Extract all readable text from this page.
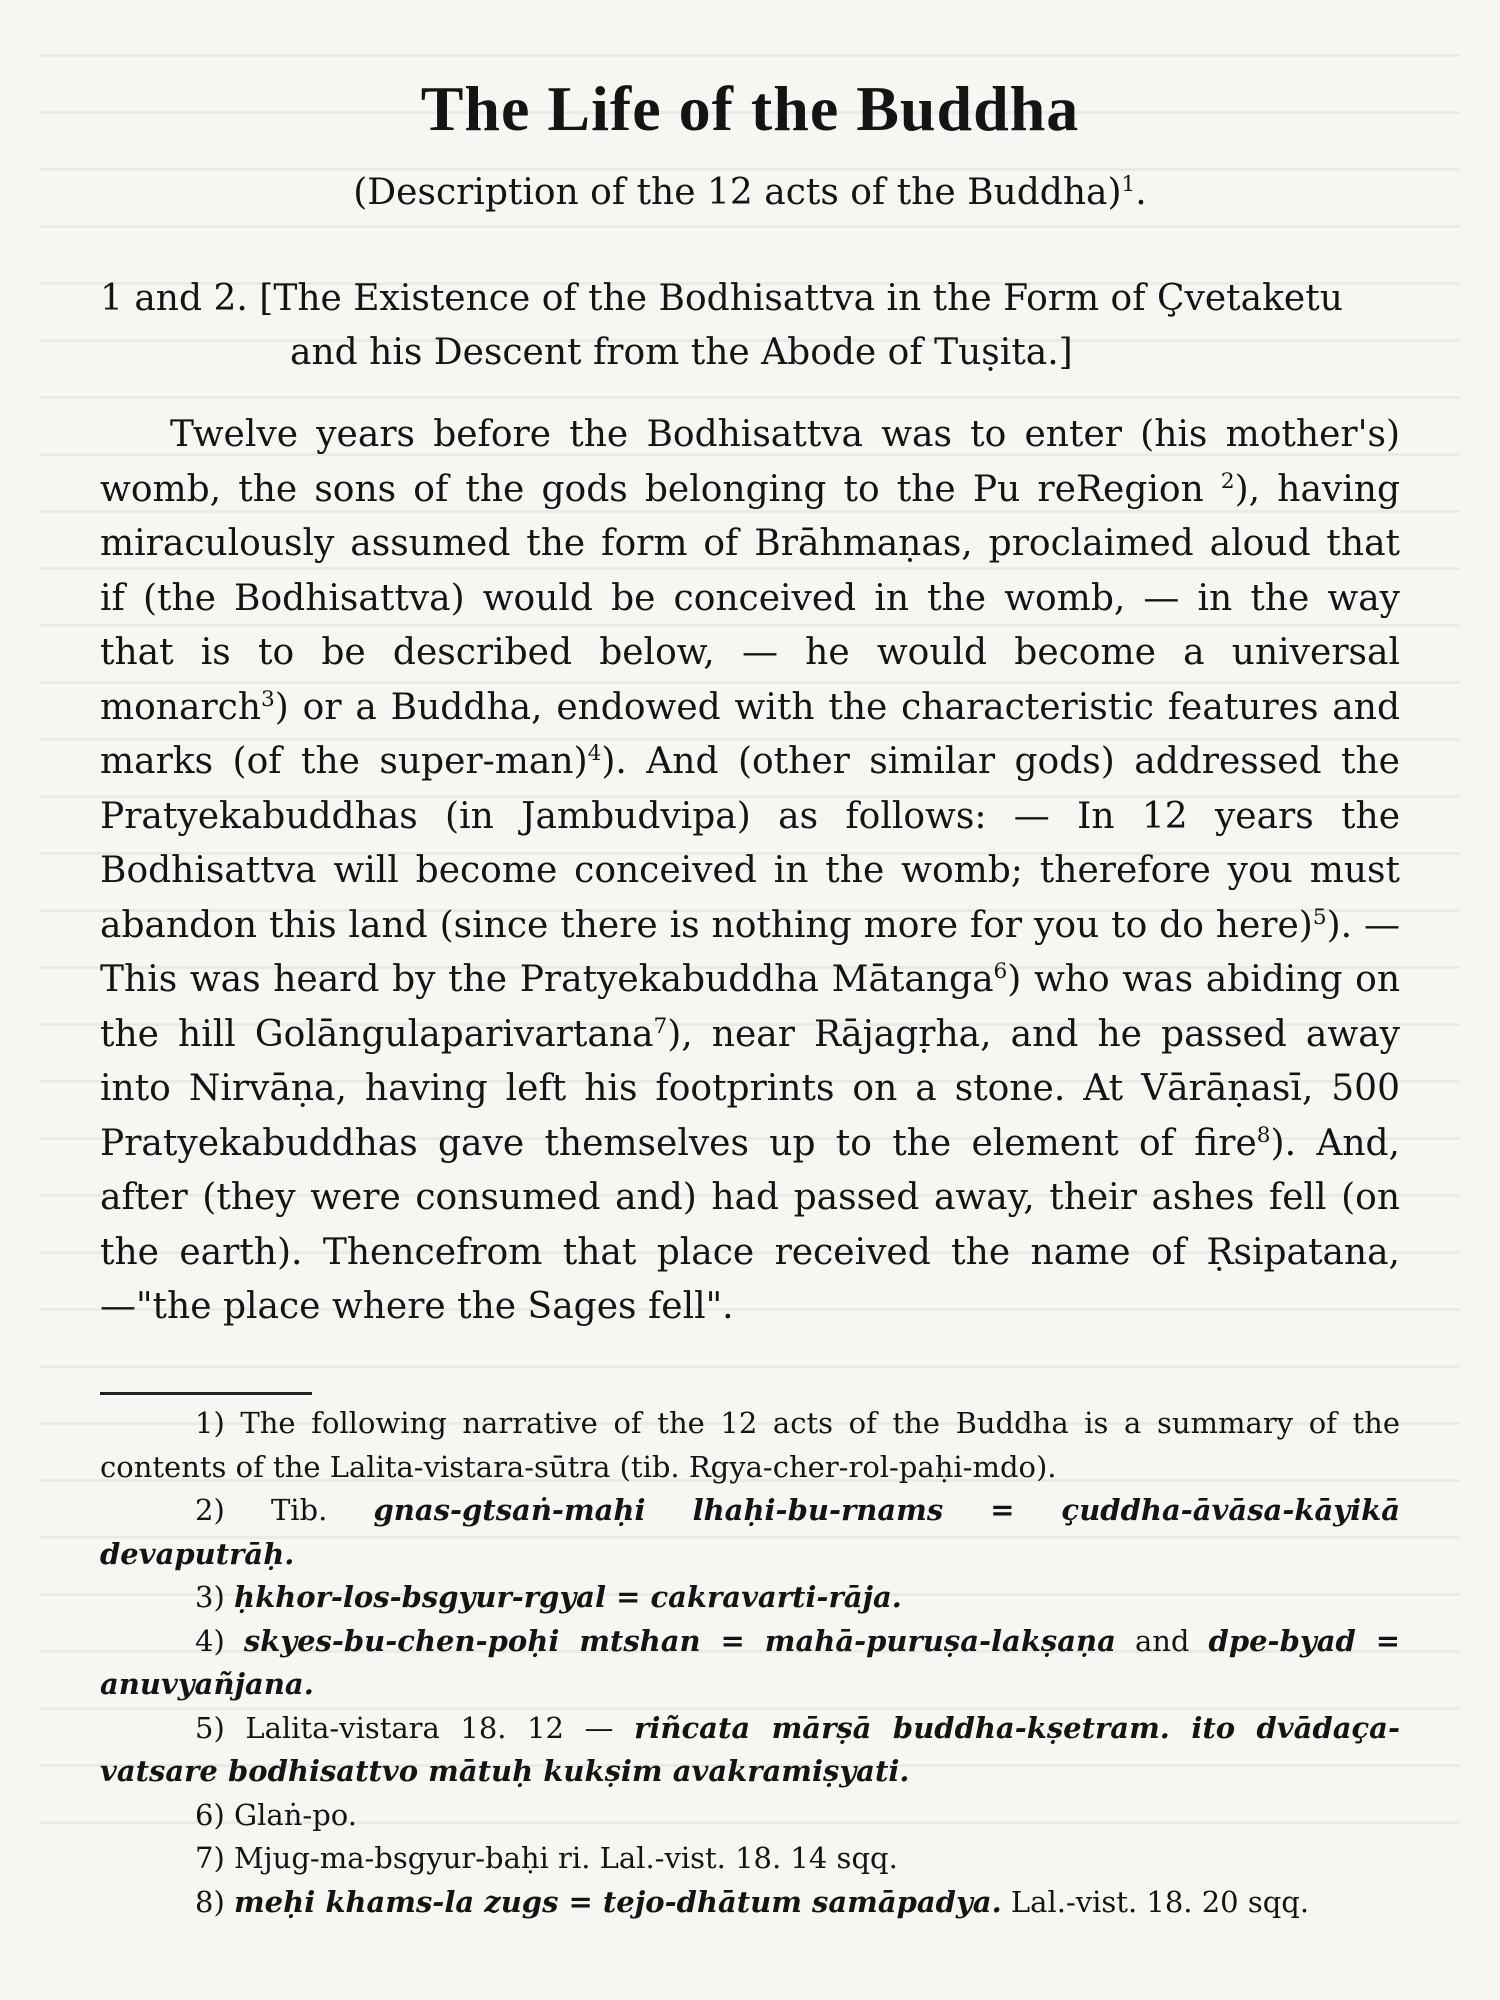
The Life of the Buddha
(Description of the 12 acts of the Buddha)$^1$.
1 and 2. [The Existence of the Bodhisattva in the Form of Çvetaketu
and his Descent from the Abode of Tuṣita.]

Twelve years before the Bodhisattva was to enter (his mother's) womb, the sons of the gods belonging to the Pu reRegion $^2$), having miraculously assumed the form of Brāhmaṇas, proclaimed aloud that if (the Bodhisattva) would be conceived in the womb, — in the way that is to be described below, — he would become a universal monarch$^3$) or a Buddha, endowed with the characteristic features and marks (of the super-man)$^4$). And (other similar gods) addressed the Pratyekabuddhas (in Jambudvipa) as follows: — In 12 years the Bodhisattva will become conceived in the womb; therefore you must abandon this land (since there is nothing more for you to do here)$^5$). — This was heard by the Pratyekabuddha Mātanga$^6$) who was abiding on the hill Golāngulaparivartana$^7$), near Rājagṛha, and he passed away into Nirvāṇa, having left his footprints on a stone. At Vārāṇasī, 500 Pratyekabuddhas gave themselves up to the element of fire$^8$). And, after (they were consumed and) had passed away, their ashes fell (on the earth). Thencefrom that place received the name of Ṛsipatana, —"the place where the Sages fell".

1) The following narrative of the 12 acts of the Buddha is a summary of the contents of the Lalita-vistara-sūtra (tib. Rgya-cher-rol-paḥi-mdo).

2) Tib. gnas-gtsaṅ-maḥi lhaḥi-bu-rnams = çuddha-āvāsa-kāyikā devaputrāḥ.

3) ḥkhor-los-bsgyur-rgyal = cakravarti-rāja.

4) skyes-bu-chen-poḥi mtshan = mahā-puruṣa-lakṣaṇa and dpe-byad = anuvyañjana.

5) Lalita-vistara 18. 12 — riñcata mārṣā buddha-kṣetram. ito dvādaça-vatsare bodhisattvo mātuḥ kukṣim avakramiṣyati.

6) Glaṅ-po.

7) Mjug-ma-bsgyur-baḥi ri. Lal.-vist. 18. 14 sqq.

8) meḥi khams-la zugs = tejo-dhātum samāpadya. Lal.-vist. 18. 20 sqq.
